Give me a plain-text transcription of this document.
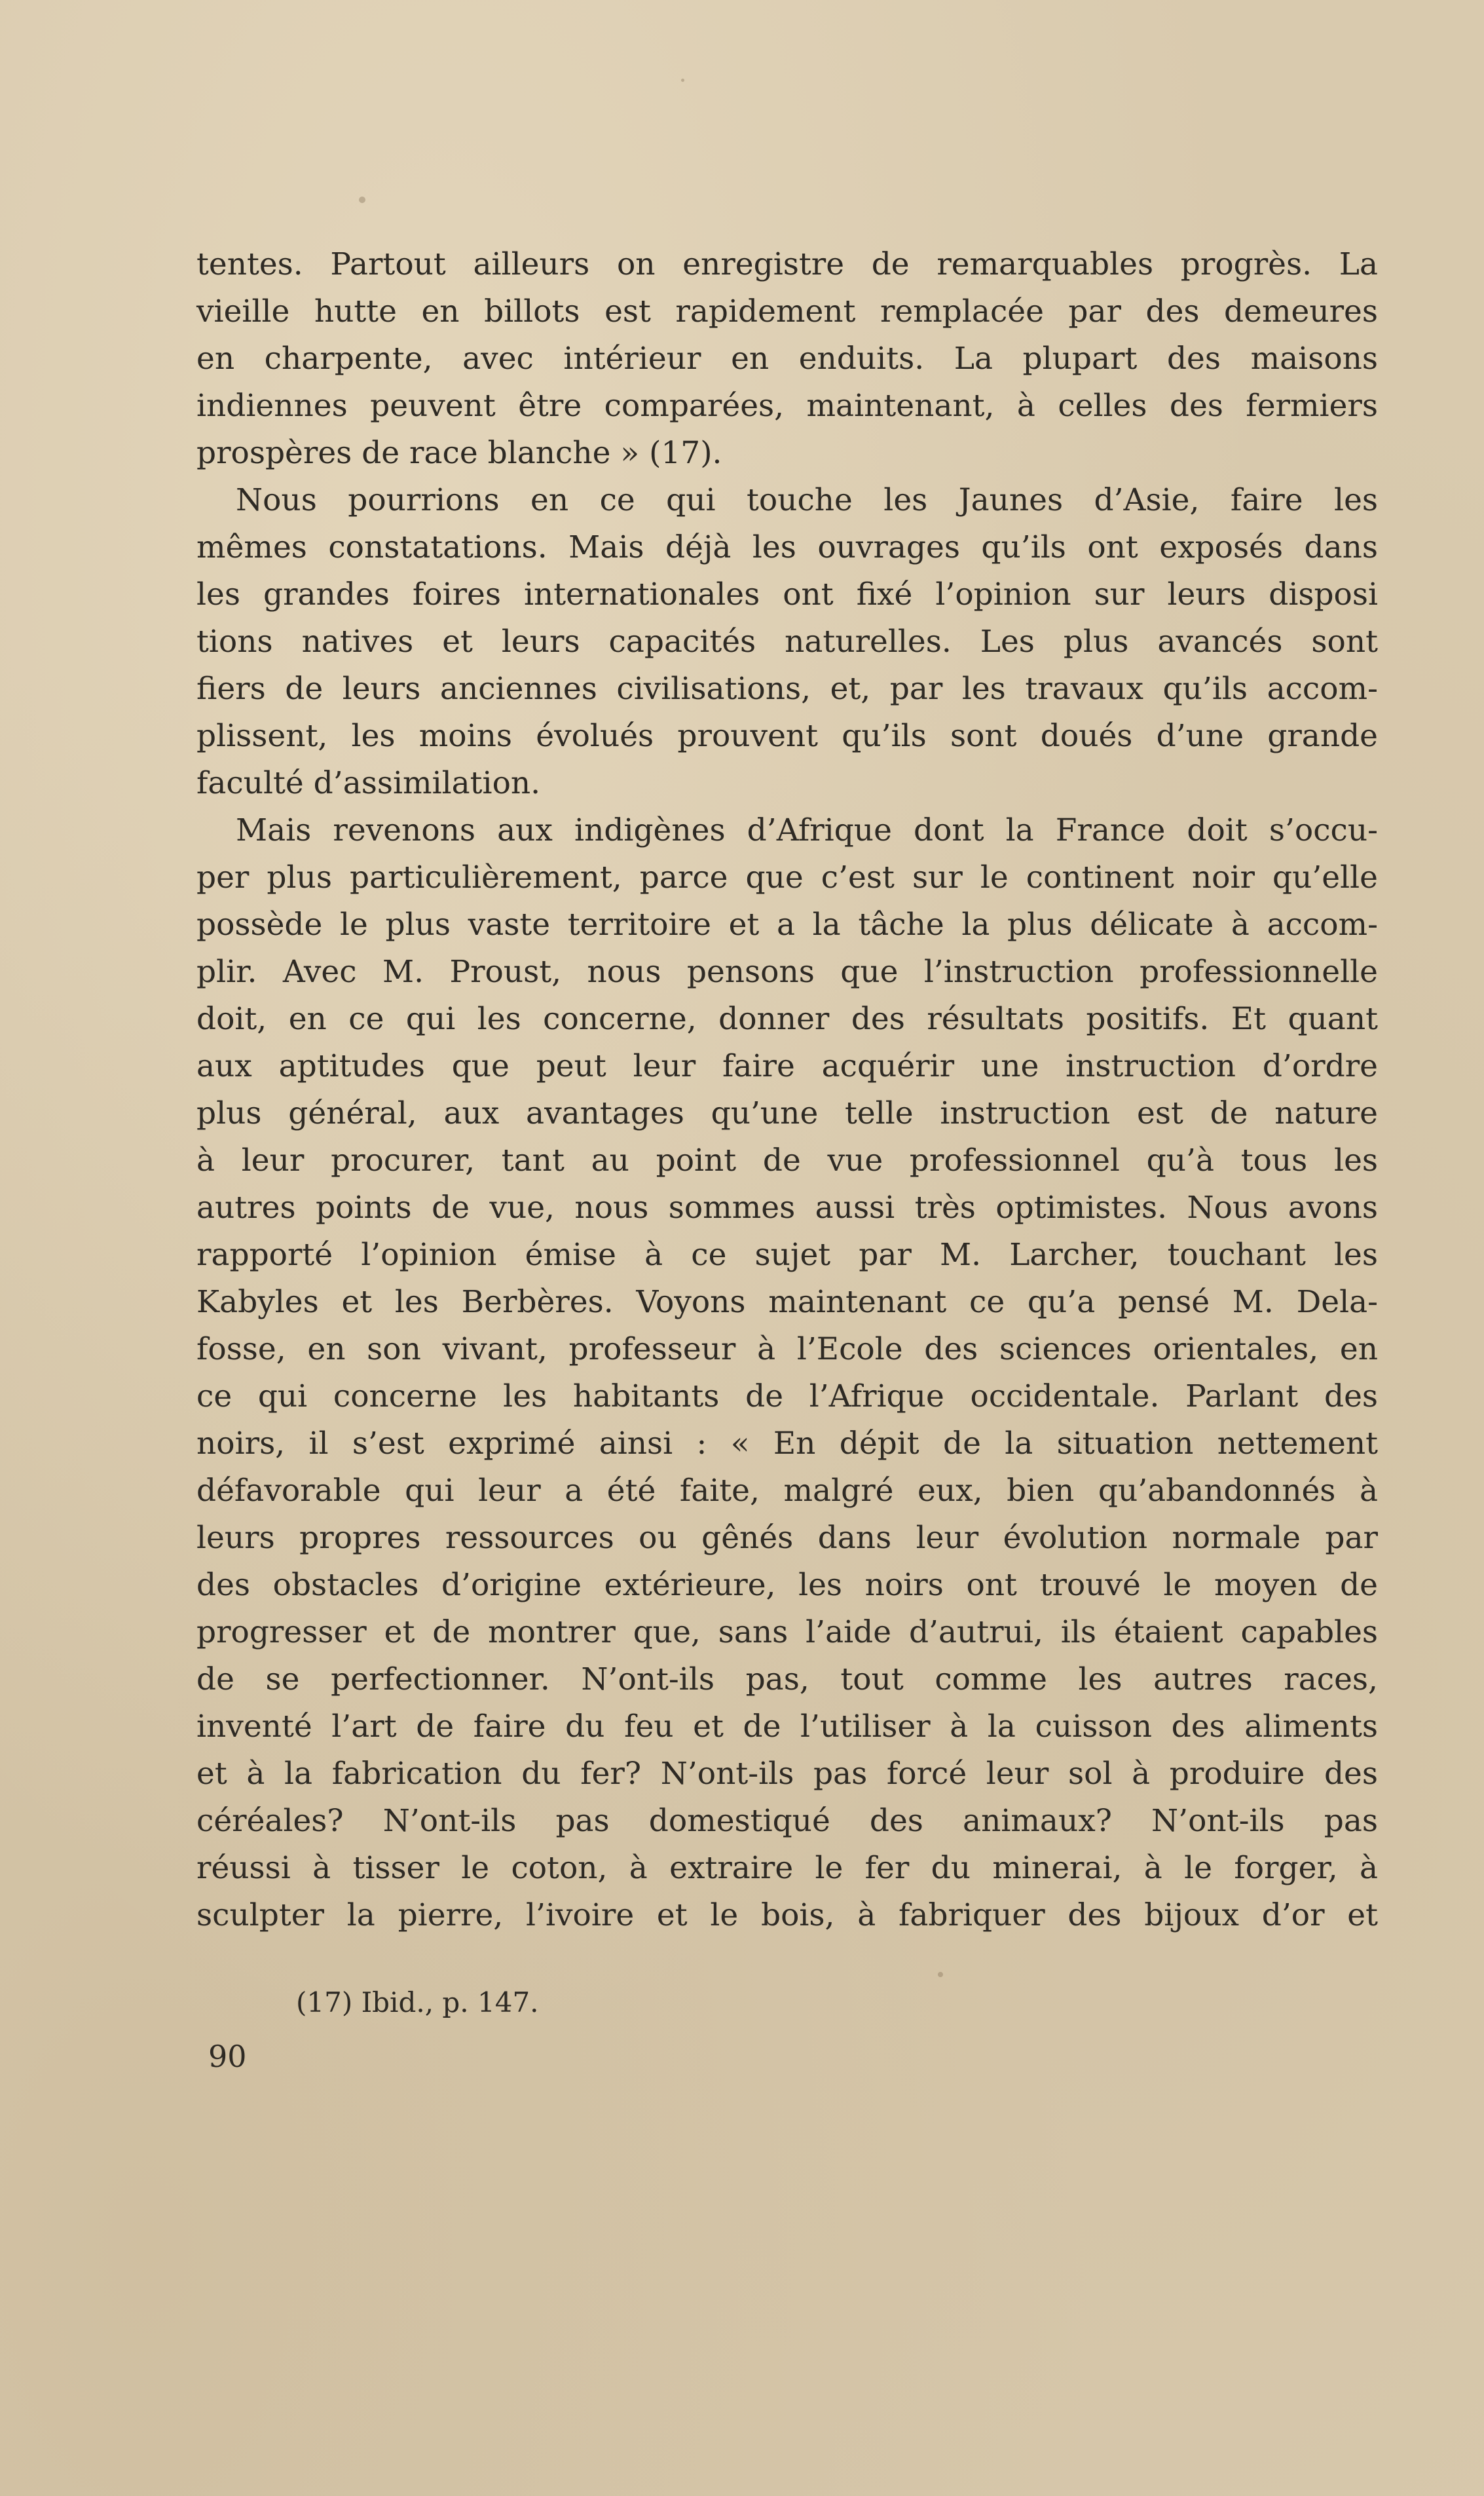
tentes. Partout ailleurs on enregistre de remarquables progrès. La
vieille hutte en billots est rapidement remplacée par des demeures
en charpente, avec intérieur en enduits. La plupart des maisons
indiennes peuvent être comparées, maintenant, à celles des fermiers
prospères de race blanche » (17).
Nous pourrions en ce qui touche les Jaunes d’Asie, faire les
mêmes constatations. Mais déjà les ouvrages qu’ils ont exposés dans
les grandes foires internationales ont fixé l’opinion sur leurs disposi
tions natives et leurs capacités naturelles. Les plus avancés sont
fiers de leurs anciennes civilisations, et, par les travaux qu’ils accom-
plissent, les moins évolués prouvent qu’ils sont doués d’une grande
faculté d’assimilation.
Mais revenons aux indigènes d’Afrique dont la France doit s’occu-
per plus particulièrement, parce que c’est sur le continent noir qu’elle
possède le plus vaste territoire et a la tâche la plus délicate à accom-
plir. Avec M. Proust, nous pensons que l’instruction professionnelle
doit, en ce qui les concerne, donner des résultats positifs. Et quant
aux aptitudes que peut leur faire acquérir une instruction d’ordre
plus général, aux avantages qu’une telle instruction est de nature
à leur procurer, tant au point de vue professionnel qu’à tous les
autres points de vue, nous sommes aussi très optimistes. Nous avons
rapporté l’opinion émise à ce sujet par M. Larcher, touchant les
Kabyles et les Berbères. Voyons maintenant ce qu’a pensé M. Dela-
fosse, en son vivant, professeur à l’Ecole des sciences orientales, en
ce qui concerne les habitants de l’Afrique occidentale. Parlant des
noirs, il s’est exprimé ainsi : « En dépit de la situation nettement
défavorable qui leur a été faite, malgré eux, bien qu’abandonnés à
leurs propres ressources ou gênés dans leur évolution normale par
des obstacles d’origine extérieure, les noirs ont trouvé le moyen de
progresser et de montrer que, sans l’aide d’autrui, ils étaient capables
de se perfectionner. N’ont-ils pas, tout comme les autres races,
inventé l’art de faire du feu et de l’utiliser à la cuisson des aliments
et à la fabrication du fer? N’ont-ils pas forcé leur sol à produire des
céréales? N’ont-ils pas domestiqué des animaux? N’ont-ils pas
réussi à tisser le coton, à extraire le fer du minerai, à le forger, à
sculpter la pierre, l’ivoire et le bois, à fabriquer des bijoux d’or et
(17) Ibid., p. 147.
90
